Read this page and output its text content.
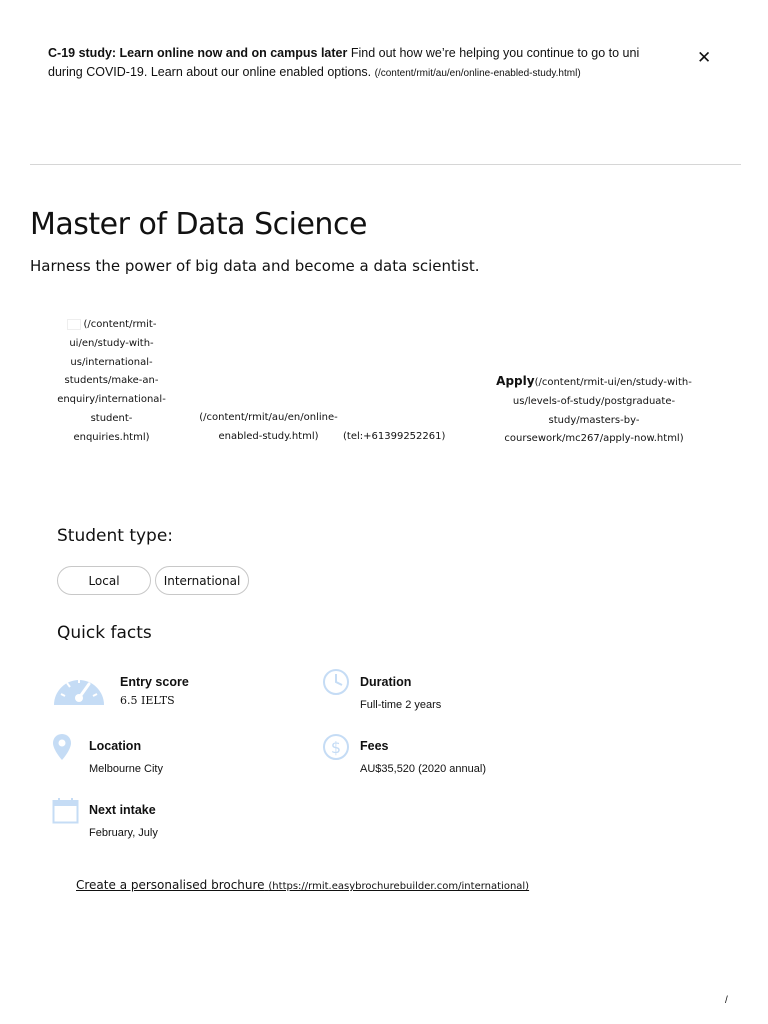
C-19 study: Learn online now and on campus later Find out how we’re helping you continue to go to uni during COVID-19. Learn about our online enabled options. (/content/rmit/au/en/online-enabled-study.html)
✕
Master of Data Science
Harness the power of big data and become a data scientist.
(/content/rmit-ui/en/study-with-us/international-students/make-an-enquiry/international-student-enquiries.html)
(/content/rmit/au/en/online-enabled-study.html)	(tel:+61399252261)
Apply(/content/rmit-ui/en/study-with-us/levels-of-study/postgraduate-study/masters-by-coursework/mc267/apply-now.html)
Student type:
Local	International
Quick facts
Entry score
6.5 IELTS
Duration
Full-time 2 years
Location
Melbourne City
$ Fees
AU$35,520 (2020 annual)
Next intake
February, July
Create a personalised brochure (https://rmit.easybrochurebuilder.com/international)
/
